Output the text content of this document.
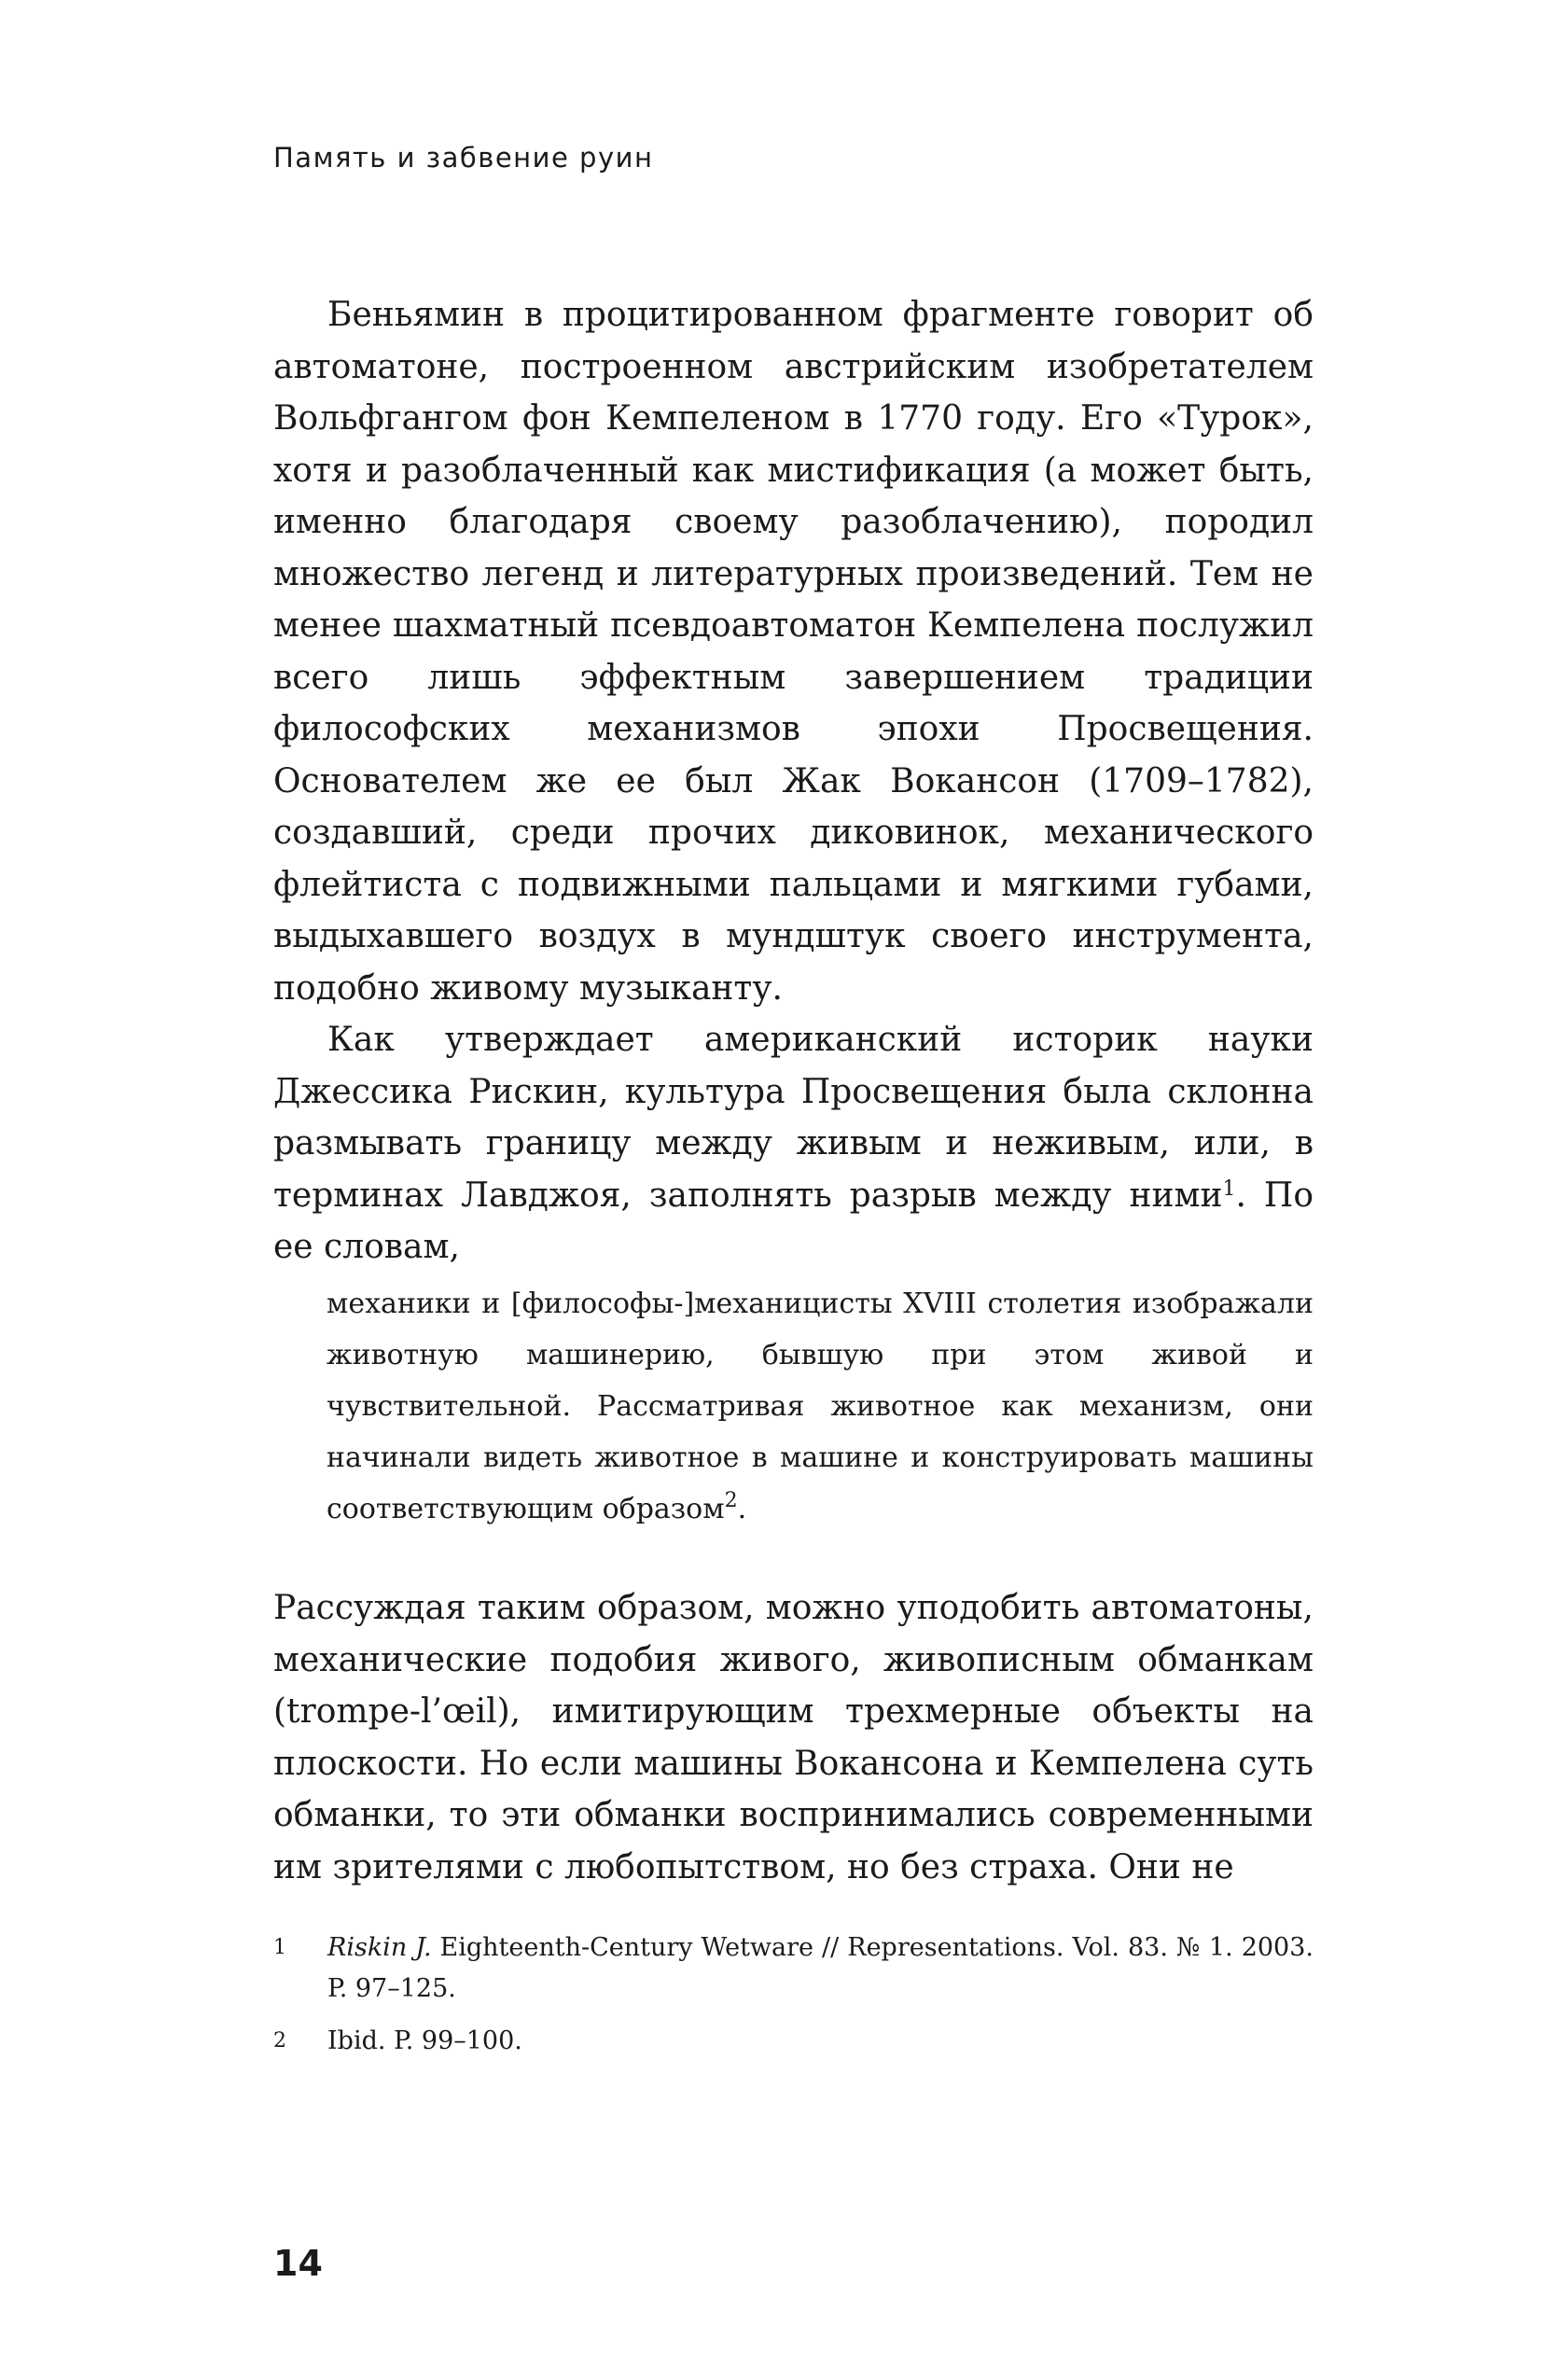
Память и забвение руин

Беньямин в процитированном фрагменте говорит об автоматоне, построенном австрийским изобретателем Вольфгангом фон Кемпеленом в 1770 году. Его «Турок», хотя и разоблаченный как мистификация (а может быть, именно благодаря своему разоблачению), породил множество легенд и литературных произведений. Тем не менее шахматный псевдоавтоматон Кемпелена послужил всего лишь эффектным завершением традиции философских механизмов эпохи Просвещения. Основателем же ее был Жак Вокансон (1709–1782), создавший, среди прочих диковинок, механического флейтиста с подвижными пальцами и мягкими губами, выдыхавшего воздух в мундштук своего инструмента, подобно живому музыканту.

Как утверждает американский историк науки Джессика Рискин, культура Просвещения была склонна размывать границу между живым и неживым, или, в терминах Лавджоя, заполнять разрыв между ними$^1$. По ее словам,

механики и [философы-]механицисты XVIII столетия изображали животную машинерию, бывшую при этом живой и чувствительной. Рассматривая животное как механизм, они начинали видеть животное в машине и конструировать машины соответствующим образом$^2$.

Рассуждая таким образом, можно уподобить автоматоны, механические подобия живого, живописным обманкам (trompe-l’œil), имитирующим трехмерные объекты на плоскости. Но если машины Вокансона и Кемпелена суть обманки, то эти обманки воспринимались современными им зрителями с любопытством, но без страха. Они не

1 Riskin J. Eighteenth-Century Wetware // Representations. Vol. 83. № 1. 2003. P. 97–125.

2 Ibid. P. 99–100.

14
